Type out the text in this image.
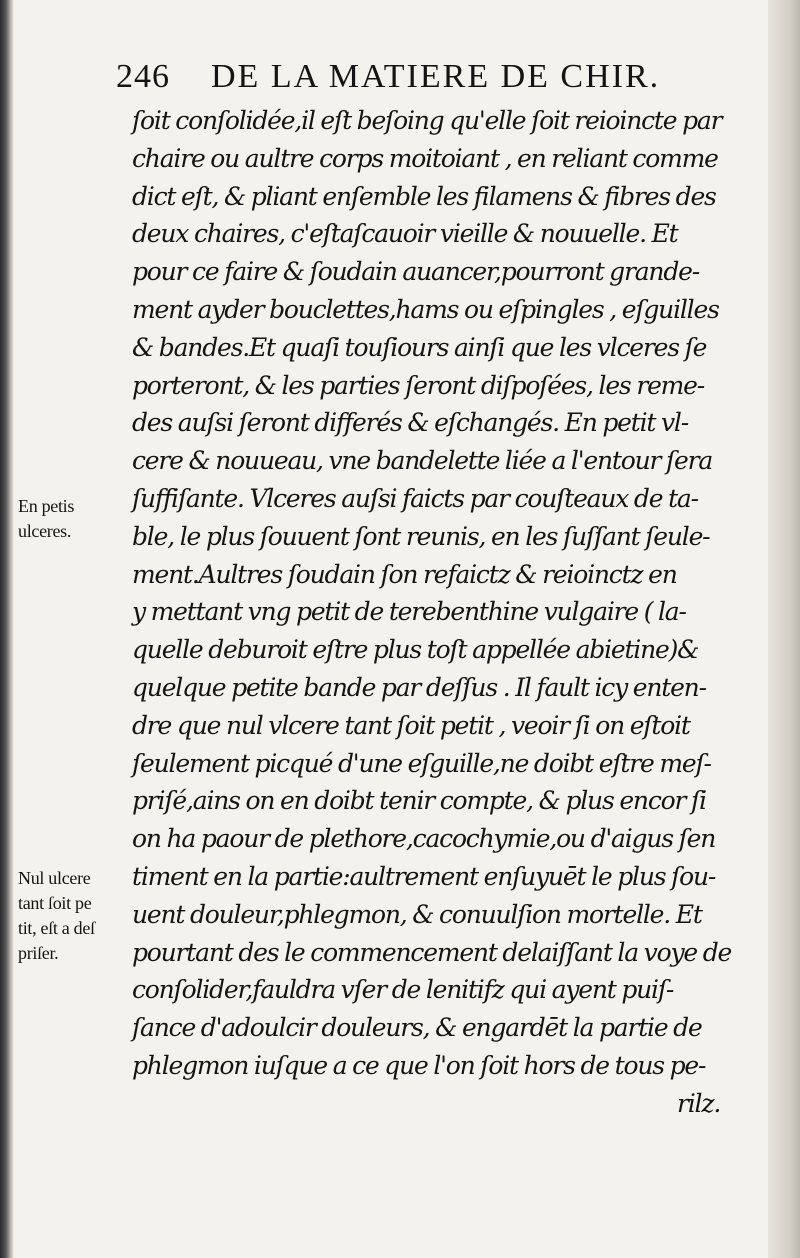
246 DE LA MATIERE DE CHIR.
ſoit conſolidée,il eſt beſoing qu'elle ſoit reioincte par
chaire ou aultre corps moitoiant , en reliant comme
dict eſt, & pliant enſemble les filamens & fibres des
deux chaires, c'eſtaſcauoir vieille & nouuelle. Et
pour ce faire & ſoudain auancer,pourront grande-
ment ayder bouclettes,hams ou eſpingles , eſguilles
& bandes.Et quaſi touſiours ainſi que les vlceres ſe
porteront, & les parties ſeront diſpoſées, les reme-
des auſsi ſeront differés & eſchangés. En petit vl-
cere & nouueau, vne bandelette liée a l'entour ſera
ſuffiſante. Vlceres auſsi faicts par couſteaux de ta-
ble, le plus ſouuent ſont reunis, en les ſuſſant ſeule-
ment.Aultres ſoudain ſon refaictz & reioinctz en
y mettant vng petit de terebenthine vulgaire ( la-
quelle deburoit eſtre plus toſt appellée abietine)&
quelque petite bande par deſſus . Il fault icy enten-
dre que nul vlcere tant ſoit petit , veoir ſi on eſtoit
ſeulement picqué d'une eſguille,ne doibt eſtre meſ-
priſé,ains on en doibt tenir compte, & plus encor ſi
on ha paour de plethore,cacochymie,ou d'aigus ſen
timent en la partie:aultrement enſuyuēt le plus ſou-
uent douleur,phlegmon, & conuulſion mortelle. Et
pourtant des le commencement delaiſſant la voye de
conſolider,fauldra vſer de lenitifz qui ayent puiſ-
ſance d'adoulcir douleurs, & engardēt la partie de
phlegmon iuſque a ce que l'on ſoit hors de tous pe-
rilz.
En petis
ulceres.
Nul ulcere
tant ſoit pe
tit, eſt a deſ
priſer.
